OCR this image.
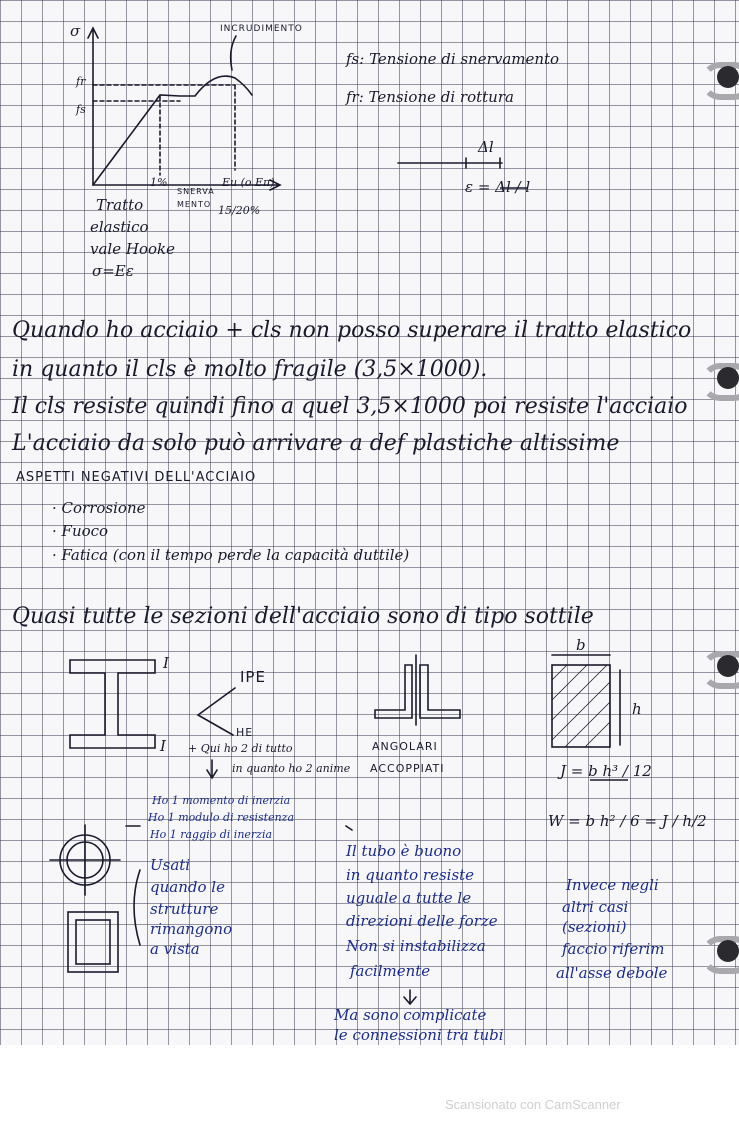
σ	INCRUDIMENTO
fr
fs
1%
SNERVA
MENTO
Eu (o Eπ)
15/20%
Tratto
elastico
vale Hooke
σ=Eε
fs: Tensione di snervamento
fr: Tensione di rottura
Δl
ε = Δl / l
Quando ho acciaio + cls non posso superare il tratto elastico
in quanto il cls è molto fragile (3,5×1000).
Il cls resiste quindi fino a quel 3,5×1000 poi resiste l'acciaio
L'acciaio da solo può arrivare a def plastiche altissime
ASPETTI NEGATIVI DELL'ACCIAIO
· Corrosione
· Fuoco
· Fatica (con il tempo perde la capacità duttile)
Quasi tutte le sezioni dell'acciaio sono di tipo sottile
I
I
IPE
HE
+ Qui ho 2 di tutto
in quanto ho 2 anime
ANGOLARI
ACCOPPIATI
b
h
J = b h³ / 12
W = b h² / 6 = J / h/2
Ho 1 momento di inerzia
Ho 1 modulo di resistenza
Ho 1 raggio di inerzia
Usati
quando le
strutture
rimangono
a vista
Il tubo è buono
in quanto resiste
uguale a tutte le
direzioni delle forze
Non si instabilizza
facilmente
Ma sono complicate
le connessioni tra tubi
Invece negli
altri casi
(sezioni)
faccio riferim
all'asse debole
Scansionato con CamScanner
